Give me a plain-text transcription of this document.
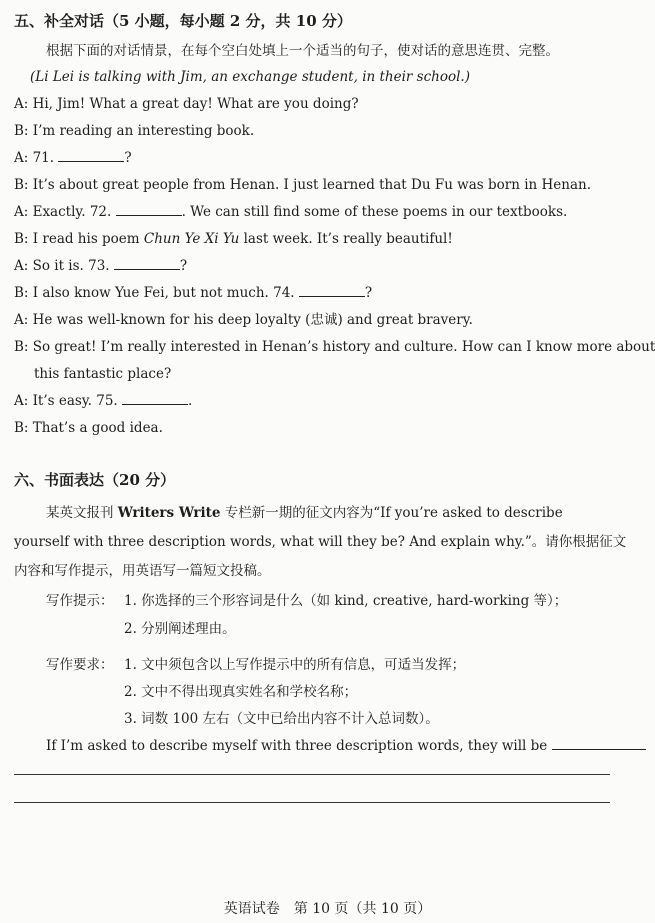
五、补全对话（5 小题，每小题 2 分，共 10 分）
根据下面的对话情景，在每个空白处填上一个适当的句子，使对话的意思连贯、完整。
(Li Lei is talking with Jim, an exchange student, in their school.)
A: Hi, Jim! What a great day! What are you doing?
B: I’m reading an interesting book.
A: 71.	?
B: It’s about great people from Henan. I just learned that Du Fu was born in Henan.
A: Exactly. 72.	. We can still find some of these poems in our textbooks.
B: I read his poem Chun Ye Xi Yu last week. It’s really beautiful!
A: So it is. 73.	?
B: I also know Yue Fei, but not much. 74.	?
A: He was well-known for his deep loyalty (忠诚) and great bravery.
B: So great! I’m really interested in Henan’s history and culture. How can I know more about
this fantastic place?
A: It’s easy. 75.	.
B: That’s a good idea.
六、书面表达（20 分）
某英文报刊 Writers Write 专栏新一期的征文内容为“If you’re asked to describe
yourself with three description words, what will they be? And explain why.”。请你根据征文
内容和写作提示，用英语写一篇短文投稿。
写作提示： 1. 你选择的三个形容词是什么（如 kind, creative, hard-working 等）；
2. 分别阐述理由。
写作要求： 1. 文中须包含以上写作提示中的所有信息，可适当发挥；
2. 文中不得出现真实姓名和学校名称；
3. 词数 100 左右（文中已给出内容不计入总词数）。
If I’m asked to describe myself with three description words, they will be
英语试卷　第 10 页（共 10 页）
